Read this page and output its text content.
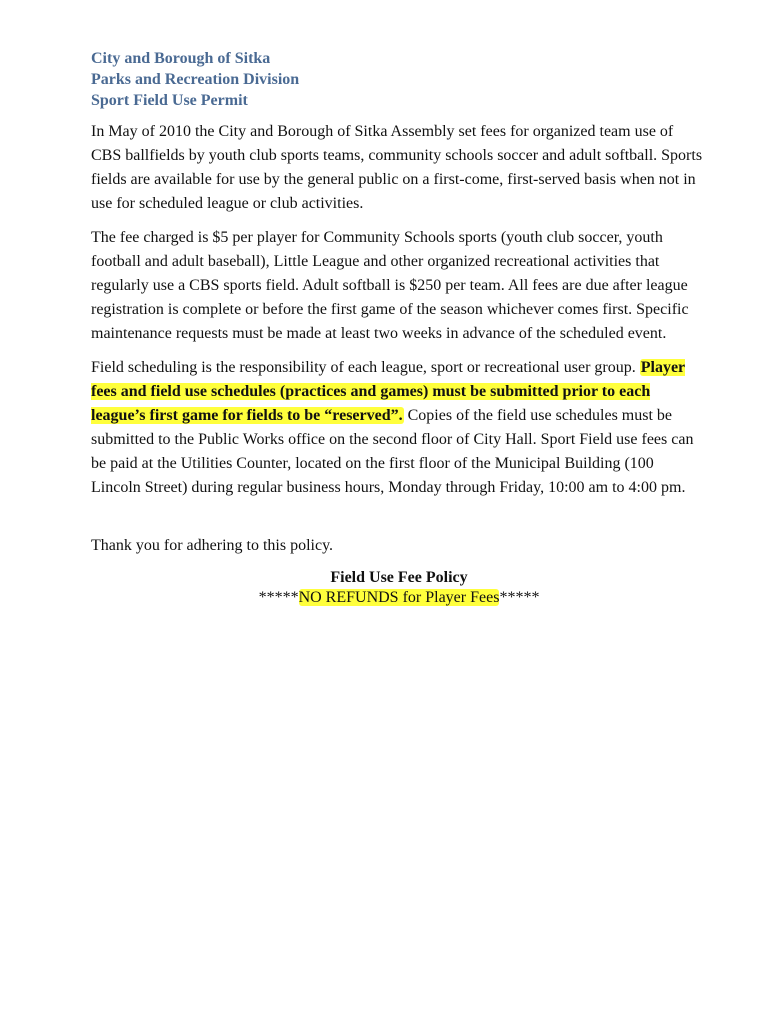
City and Borough of Sitka
Parks and Recreation Division
Sport Field Use Permit

In May of 2010 the City and Borough of Sitka Assembly set fees for organized team use of CBS ballfields by youth club sports teams, community schools soccer and adult softball. Sports fields are available for use by the general public on a first-come, first-served basis when not in use for scheduled league or club activities.

The fee charged is $5 per player for Community Schools sports (youth club soccer, youth football and adult baseball), Little League and other organized recreational activities that regularly use a CBS sports field. Adult softball is $250 per team. All fees are due after league registration is complete or before the first game of the season whichever comes first. Specific maintenance requests must be made at least two weeks in advance of the scheduled event.

Field scheduling is the responsibility of each league, sport or recreational user group. Player fees and field use schedules (practices and games) must be submitted prior to each league’s first game for fields to be “reserved”. Copies of the field use schedules must be submitted to the Public Works office on the second floor of City Hall. Sport Field use fees can be paid at the Utilities Counter, located on the first floor of the Municipal Building (100 Lincoln Street) during regular business hours, Monday through Friday, 10:00 am to 4:00 pm.

Thank you for adhering to this policy.

Field Use Fee Policy
*****NO REFUNDS for Player Fees*****
